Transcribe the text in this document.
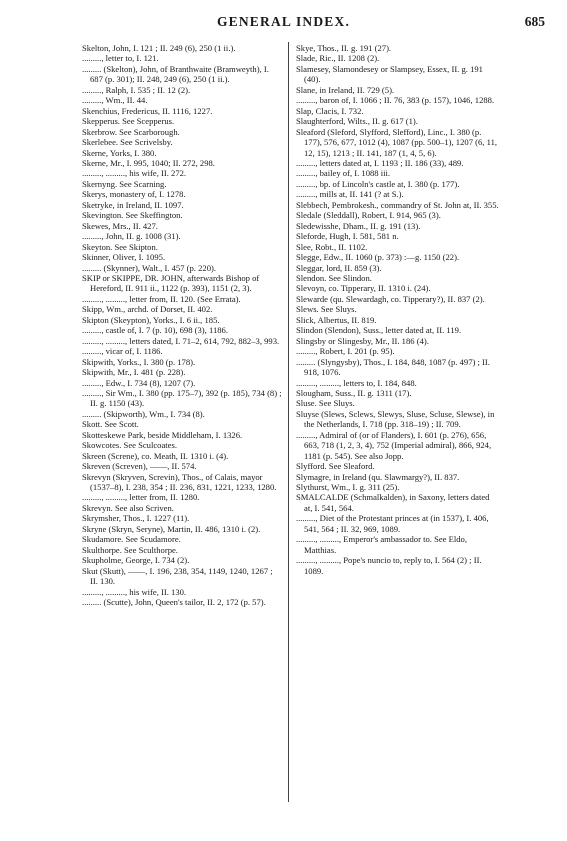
GENERAL INDEX.	685

Skelton, John, I. 121 ; II. 249 (6), 250 (1 ii.).

........., letter to, I. 121.

......... (Skelton), John, of Branthwaite (Bramweyth), I. 687 (p. 301); II. 248, 249 (6), 250 (1 ii.).

........., Ralph, I. 535 ; II. 12 (2).

........., Wm., II. 44.

Skenchius, Fredericus, II. 1116, 1227.

Skepperus. See Scepperus.

Skerbrow. See Scarborough.

Skerlebee. See Scrivelsby.

Skerne, Yorks, I. 380.

Skerne, Mr., I. 995, 1040; II. 272, 298.

........., ........., his wife, II. 272.

Skernyng. See Scarning.

Skerys, monastery of, I. 1278.

Sketryke, in Ireland, II. 1097.

Skevington. See Skeffington.

Skewes, Mrs., II. 427.

........., John, II. g. 1008 (31).

Skeyton. See Skipton.

Skinner, Oliver, I. 1095.

......... (Skynner), Walt., I. 457 (p. 220).

SKIP or SKIPPE, DR. JOHN, afterwards Bishop of Hereford, II. 911 ii., 1122 (p. 393), 1151 (2, 3).

........., ........., letter from, II. 120. (See Errata).

Skipp, Wm., archd. of Dorset, II. 402.

Skipton (Skeypton), Yorks., I. 6 ii., 185.

........., castle of, I. 7 (p. 10), 698 (3), 1186.

........., ........., letters dated, I. 71–2, 614, 792, 882–3, 993.

........., vicar of, I. 1186.

Skipwith, Yorks., I. 380 (p. 178).

Skipwith, Mr., I. 481 (p. 228).

........., Edw., I. 734 (8), 1207 (7).

........., Sir Wm., I. 380 (pp. 175–7), 392 (p. 185), 734 (8) ; II. g. 1150 (43).

......... (Skipworth), Wm., I. 734 (8).

Skott. See Scott.

Skotteskewe Park, beside Middleham, I. 1326.

Skowcotes. See Sculcoates.

Skreen (Screne), co. Meath, II. 1310 i. (4).

Skreven (Screven), ——, II. 574.

Skrevyn (Skryven, Screvin), Thos., of Calais, mayor (1537–8), I. 238, 354 ; II. 236, 831, 1221, 1233, 1280.

........., ........., letter from, II. 1280.

Skrevyn. See also Scriven.

Skrymsher, Thos., I. 1227 (11).

Skryne (Skryn, Seryne), Martin, II. 486, 1310 i. (2).

Skudamore. See Scudamore.

Skulthorpe. See Sculthorpe.

Skupholme, George, I. 734 (2).

Skut (Skutt), ——, I. 196, 238, 354, 1149, 1240, 1267 ; II. 130.

........., ........., his wife, II. 130.

......... (Scutte), John, Queen's tailor, II. 2, 172 (p. 57).

Skye, Thos., II. g. 191 (27).

Slade, Ric., II. 1208 (2).

Slamesey, Slamondesey or Slampsey, Essex, II. g. 191 (40).

Slane, in Ireland, II. 729 (5).

........., baron of, I. 1066 ; II. 76, 383 (p. 157), 1046, 1288.

Slap, Clacis, I. 732.

Slaughterford, Wilts., II. g. 617 (1).

Sleaford (Sleford, Slyfford, Slefford), Linc., I. 380 (p. 177), 576, 677, 1012 (4), 1087 (pp. 500–1), 1207 (6, 11, 12, 15), 1213 ; II. 141, 187 (1, 4, 5, 6).

........., letters dated at, I. 1193 ; II. 186 (33), 489.

........., bailey of, I. 1088 iii.

........., bp. of Lincoln's castle at, I. 380 (p. 177).

........., mills at, II. 141 (? at S.).

Slebbech, Pembrokesh., commandry of St. John at, II. 355.

Sledale (Sleddall), Robert, I. 914, 965 (3).

Sledewisshe, Dham., II. g. 191 (13).

Sleforde, Hugh, I. 581, 581 n.

Slee, Robt., II. 1102.

Slegge, Edw., II. 1060 (p. 373) :—g. 1150 (22).

Sleggar, lord, II. 859 (3).

Slendon. See Slindon.

Slevoyn, co. Tipperary, II. 1310 i. (24).

Slewarde (qu. Slewardagh, co. Tipperary?), II. 837 (2).

Slews. See Sluys.

Slick, Albertus, II. 819.

Slindon (Slendon), Suss., letter dated at, II. 119.

Slingsby or Slingesby, Mr., II. 186 (4).

........., Robert, I. 201 (p. 95).

......... (Slyngysby), Thos., I. 184, 848, 1087 (p. 497) ; II. 918, 1076.

........., ........., letters to, I. 184, 848.

Slougham, Suss., II. g. 1311 (17).

Sluse. See Sluys.

Sluyse (Slews, Sclews, Slewys, Sluse, Scluse, Slewse), in the Netherlands, I. 718 (pp. 318–19) ; II. 709.

........., Admiral of (or of Flanders), I. 601 (p. 276), 656, 663, 718 (1, 2, 3, 4), 752 (Imperial admiral), 866, 924, 1181 (p. 545). See also Jopp.

Slyfford. See Sleaford.

Slymagre, in Ireland (qu. Slawmargy?), II. 837.

Slythurst, Wm., I. g. 311 (25).

SMALCALDE (Schmalkalden), in Saxony, letters dated at, I. 541, 564.

........., Diet of the Protestant princes at (in 1537), I. 406, 541, 564 ; II. 32, 969, 1089.

........., ........., Emperor's ambassador to. See Eldo, Matthias.

........., ........., Pope's nuncio to, reply to, I. 564 (2) ; II. 1089.
